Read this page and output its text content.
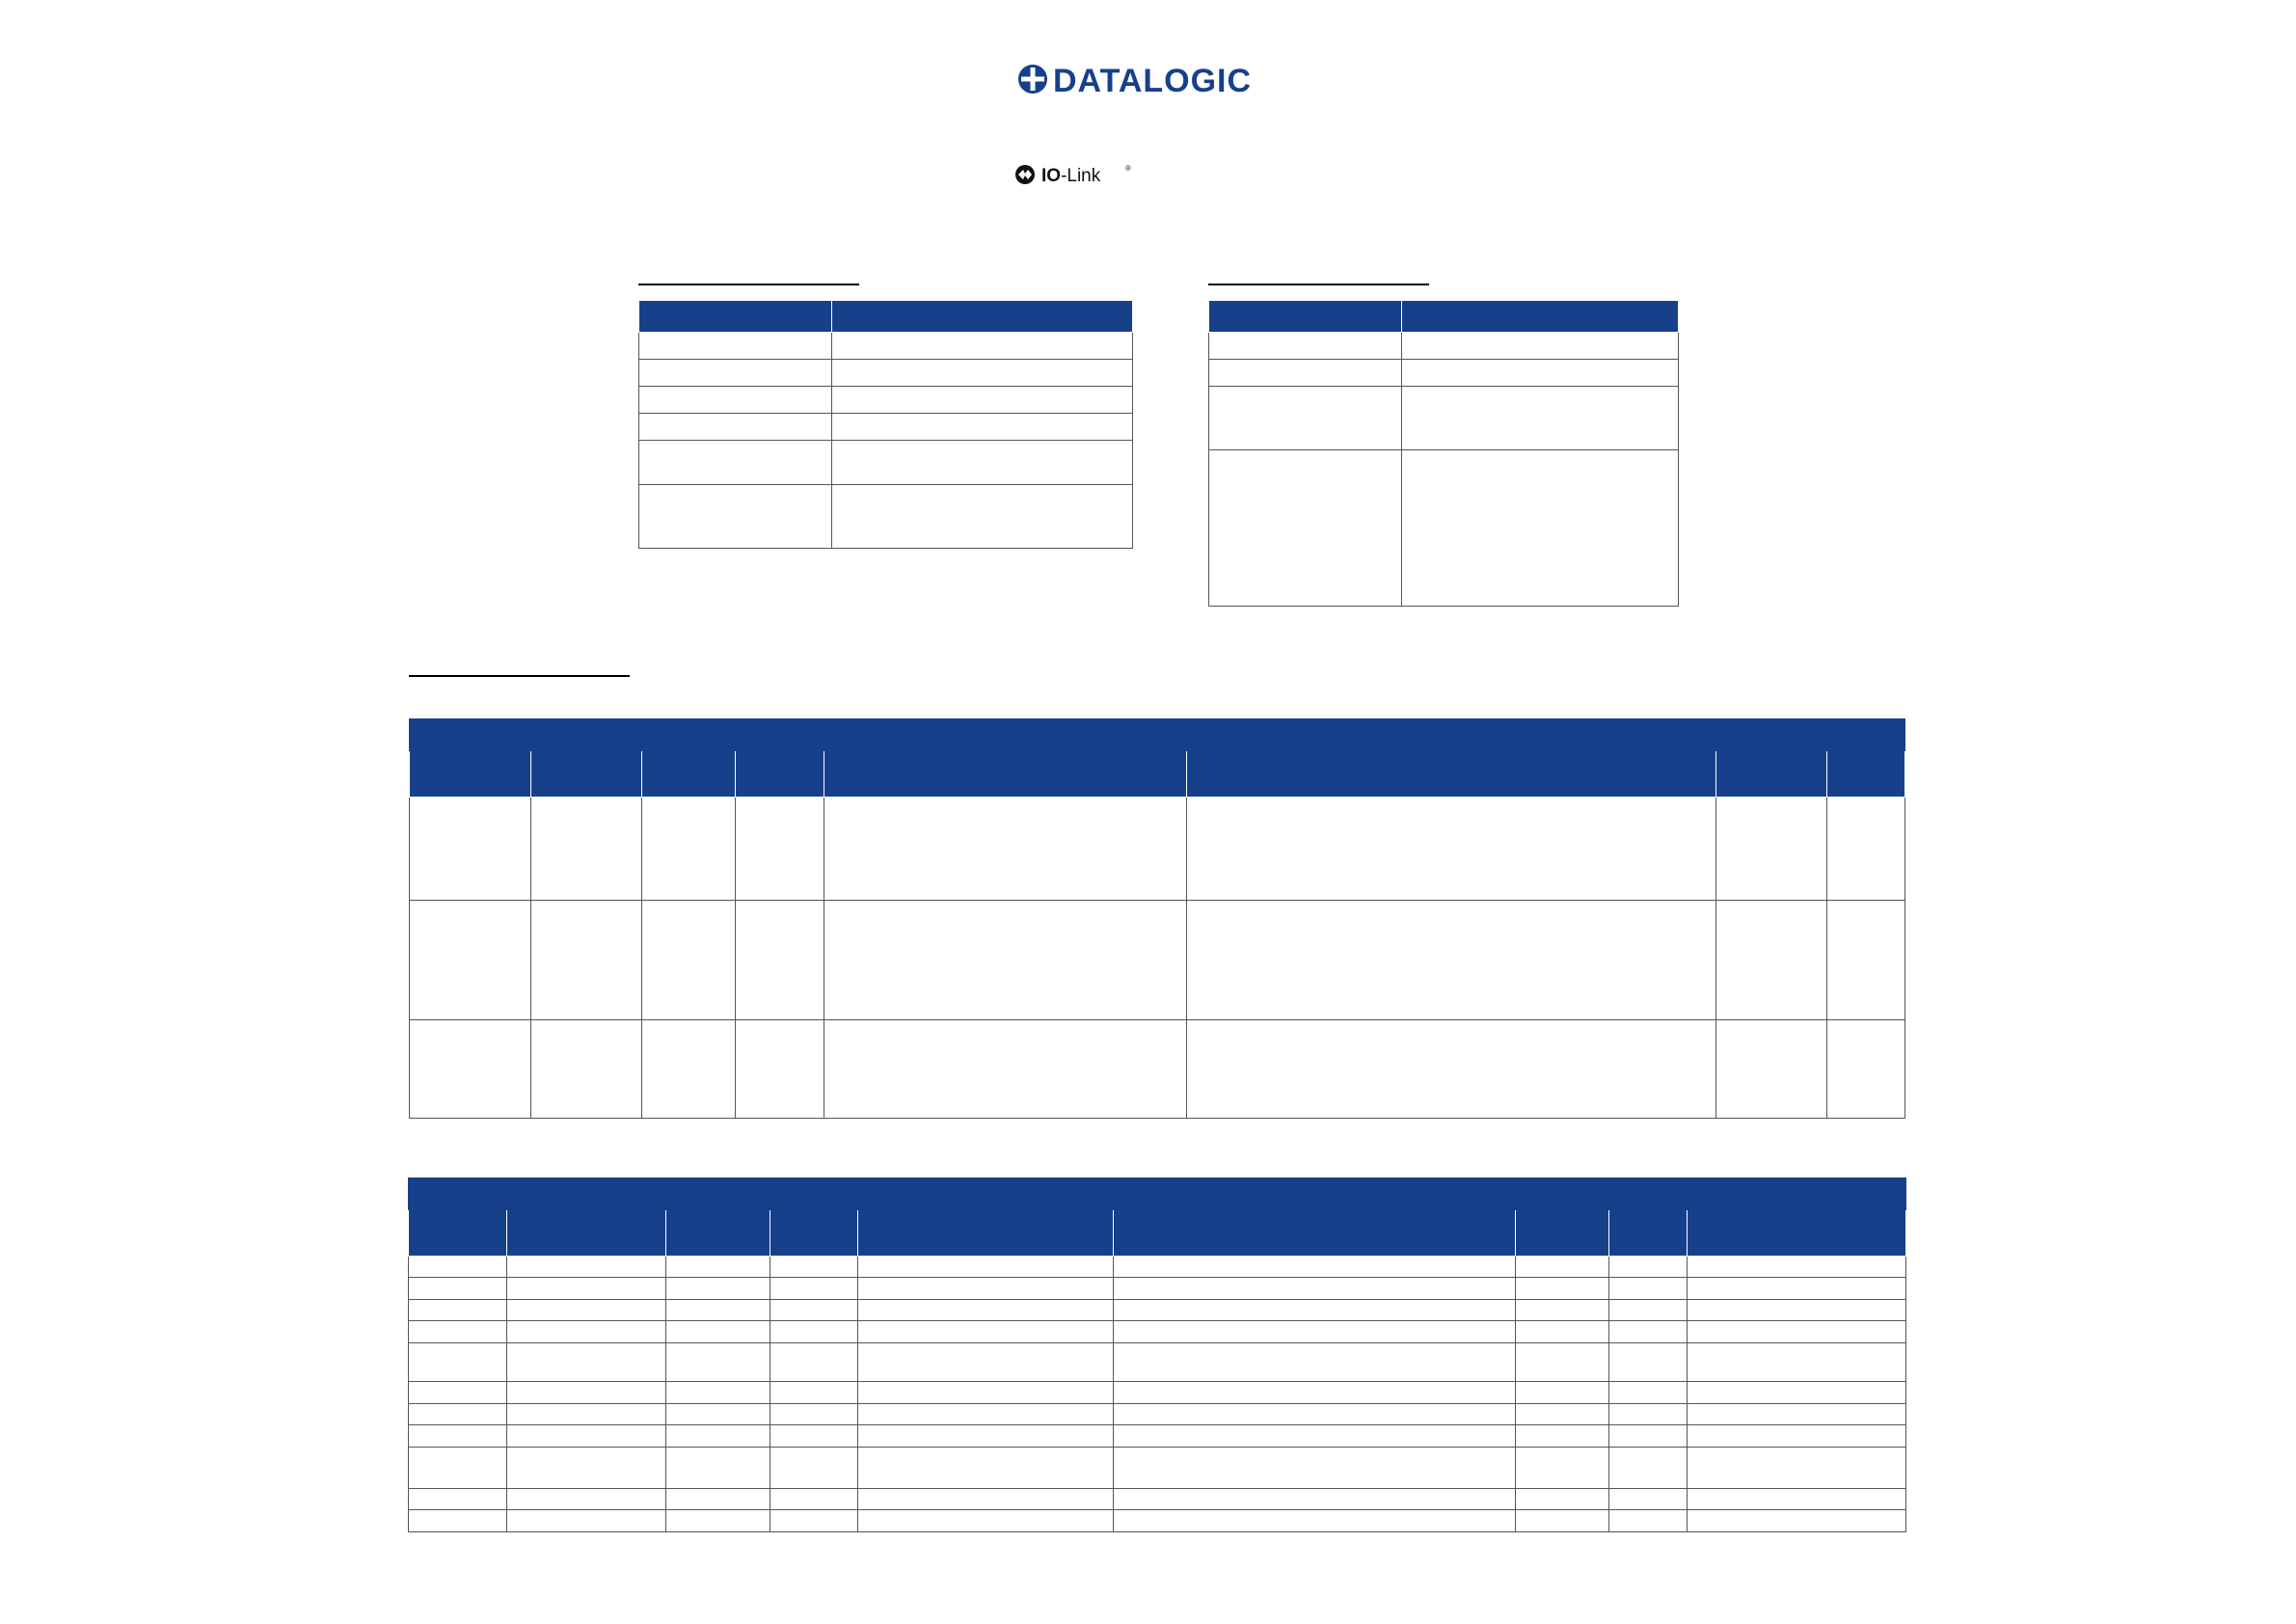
DATALOGIC
IO-Link	®
